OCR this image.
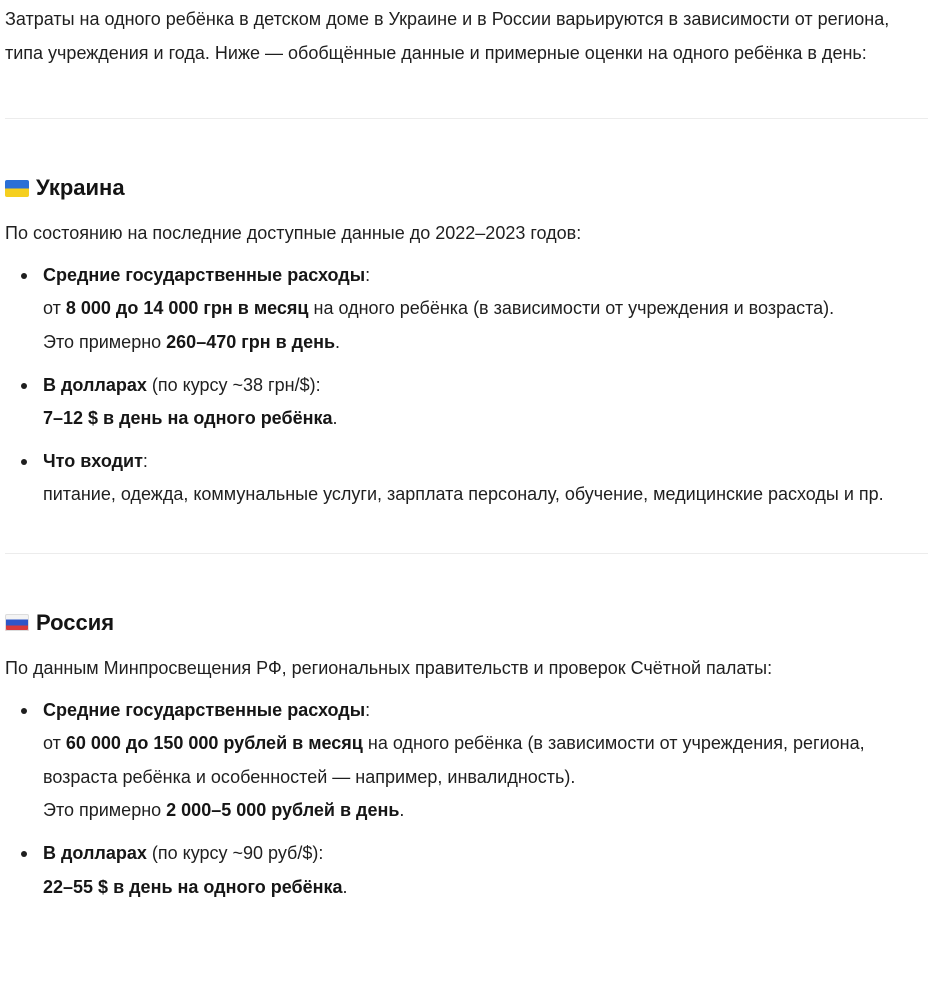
Затраты на одного ребёнка в детском доме в Украине и в России варьируются в зависимости от региона, типа учреждения и года. Ниже — обобщённые данные и примерные оценки на одного ребёнка в день:

Украина

По состоянию на последние доступные данные до 2022–2023 годов:

Средние государственные расходы:
от 8 000 до 14 000 грн в месяц на одного ребёнка (в зависимости от учреждения и возраста).
Это примерно 260–470 грн в день.
В долларах (по курсу ~38 грн/$):
7–12 $ в день на одного ребёнка.
Что входит:
питание, одежда, коммунальные услуги, зарплата персоналу, обучение, медицинские расходы и пр.
Россия

По данным Минпросвещения РФ, региональных правительств и проверок Счётной палаты:

Средние государственные расходы:
от 60 000 до 150 000 рублей в месяц на одного ребёнка (в зависимости от учреждения, региона, возраста ребёнка и особенностей — например, инвалидность).
Это примерно 2 000–5 000 рублей в день.
В долларах (по курсу ~90 руб/$):
22–55 $ в день на одного ребёнка.
